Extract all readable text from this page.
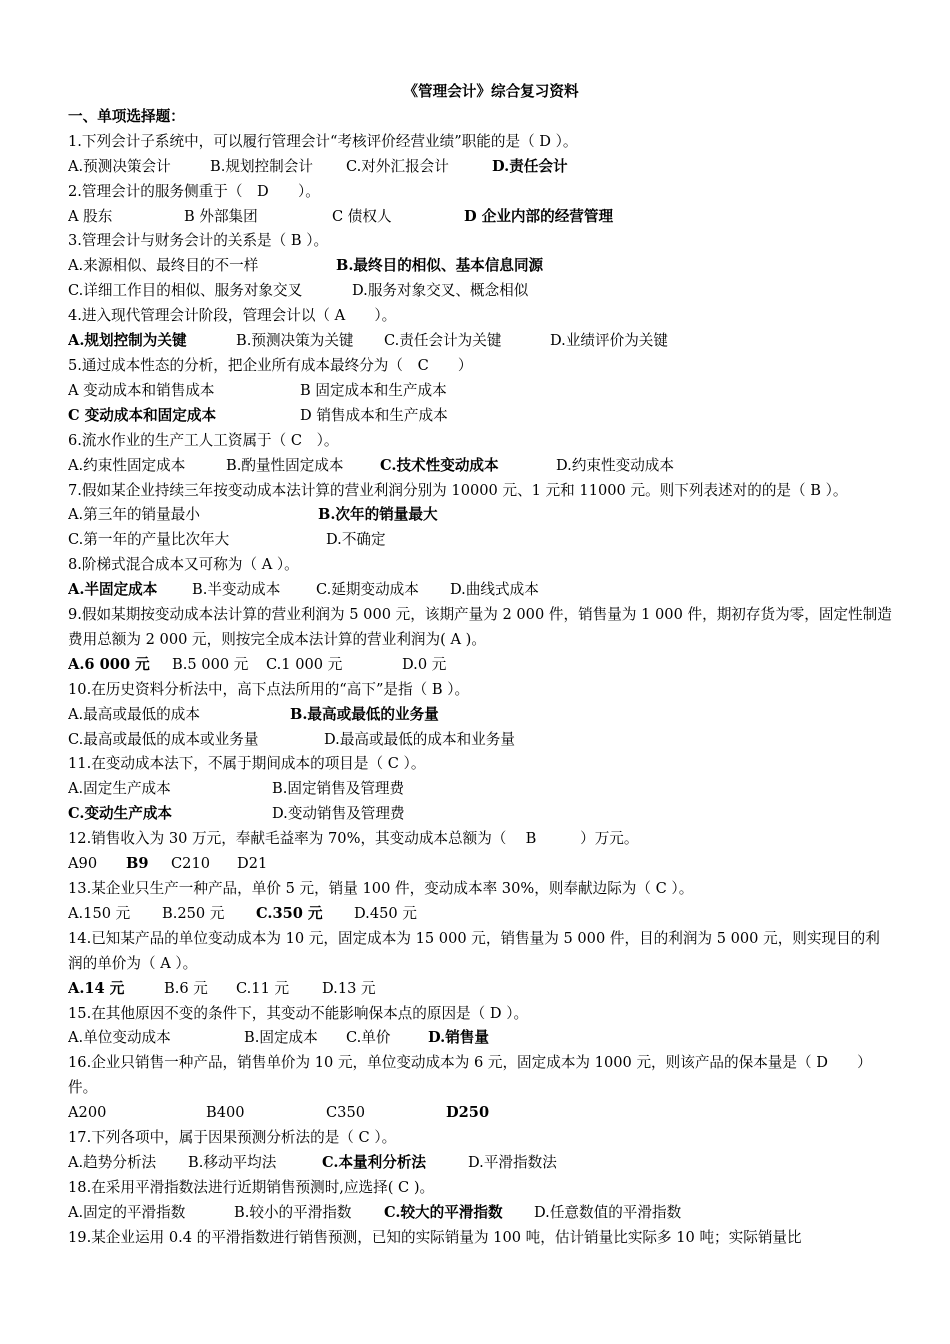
《管理会计》综合复习资料
一、单项选择题：
1.下列会计子系统中，可以履行管理会计“考核评价经营业绩”职能的是（ D ）。
A.预测决策会计	B.规划控制会计 C.对外汇报会计	D.责任会计
2.管理会计的服务侧重于（　D　　）。
A 股东	B 外部集团	C 债权人	D 企业内部的经营管理
3.管理会计与财务会计的关系是（ B ）。
A.来源相似、最终目的不一样	B.最终目的相似、基本信息同源
C.详细工作目的相似、服务对象交叉	D.服务对象交叉、概念相似
4.进入现代管理会计阶段，管理会计以（ A　　）。
A.规划控制为关键	B.预测决策为关键 C.责任会计为关键	D.业绩评价为关键
5.通过成本性态的分析，把企业所有成本最终分为（　C　　）
A 变动成本和销售成本	B 固定成本和生产成本
C 变动成本和固定成本	D 销售成本和生产成本
6.流水作业的生产工人工资属于（ C　）。
A.约束性固定成本	B.酌量性固定成本 C.技术性变动成本	D.约束性变动成本
7.假如某企业持续三年按变动成本法计算的营业利润分别为 10000 元、1 元和 11000 元。则下列表述对的的是（ B ）。
A.第三年的销量最小	B.次年的销量最大
C.第一年的产量比次年大	D.不确定
8.阶梯式混合成本又可称为（ A ）。
A.半固定成本 B.半变动成本 C.延期变动成本 D.曲线式成本
9.假如某期按变动成本法计算的营业利润为 5 000 元，该期产量为 2 000 件，销售量为 1 000 件，期初存货为零，固定性制造费用总额为 2 000 元，则按完全成本法计算的营业利润为( A )。
A.6 000 元 B.5 000 元 C.1 000 元	D.0 元
10.在历史资料分析法中，高下点法所用的“高下”是指（ B ）。
A.最高或最低的成本	B.最高或最低的业务量
C.最高或最低的成本或业务量	D.最高或最低的成本和业务量
11.在变动成本法下，不属于期间成本的项目是（ C ）。
A.固定生产成本	B.固定销售及管理费
C.变动生产成本	D.变动销售及管理费
12.销售收入为 30 万元，奉献毛益率为 70%，其变动成本总额为（　 B　　　）万元。
A90 B9 C210 D21
13.某企业只生产一种产品，单价 5 元，销量 100 件，变动成本率 30%，则奉献边际为（ C ）。
A.150 元 B.250 元 C.350 元 D.450 元
14.已知某产品的单位变动成本为 10 元，固定成本为 15 000 元，销售量为 5 000 件，目的利润为 5 000 元，则实现目的利润的单价为（ A ）。
A.14 元	B.6 元 C.11 元 D.13 元
15.在其他原因不变的条件下，其变动不能影响保本点的原因是（ D ）。
A.单位变动成本	B.固定成本 C.单价	D.销售量
16.企业只销售一种产品，销售单价为 10 元，单位变动成本为 6 元，固定成本为 1000 元，则该产品的保本量是（ D　　）件。
A200	B400	C350	D250
17.下列各项中，属于因果预测分析法的是（ C ）。
A.趋势分析法 B.移动平均法	C.本量利分析法	D.平滑指数法
18.在采用平滑指数法进行近期销售预测时,应选择( C )。
A.固定的平滑指数	B.较小的平滑指数 C.较大的平滑指数 D.任意数值的平滑指数
19.某企业运用 0.4 的平滑指数进行销售预测，已知的实际销量为 100 吨，估计销量比实际多 10 吨；实际销量比
